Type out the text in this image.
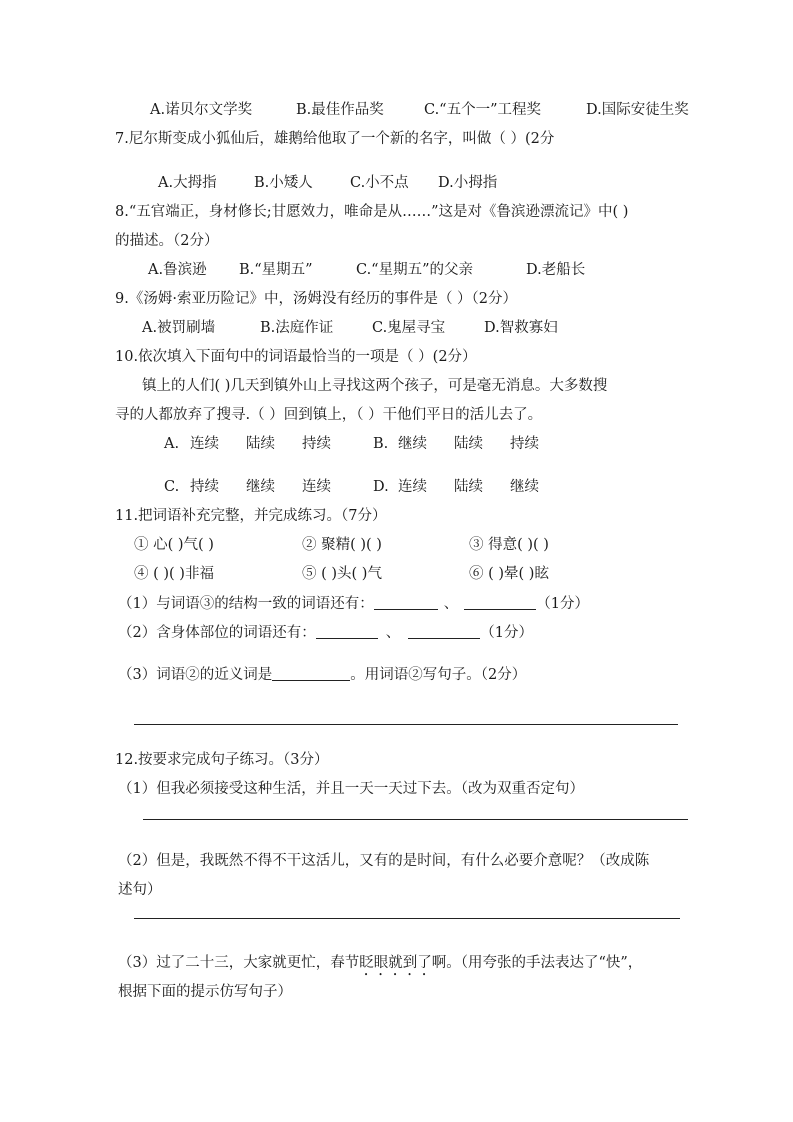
A.诺贝尔文学奖	B.最佳作品奖	C.“五个一”工程奖	D.国际安徒生奖
7.尼尔斯变成小狐仙后，雄鹅给他取了一个新的名字，叫做（ ）(2分
A.大拇指	B.小矮人	C.小不点 D.小拇指
8.“五官端正，身材修长;甘愿效力，唯命是从……”这是对《鲁滨逊漂流记》中( )
的描述。（2分）
A.鲁滨逊 B.“星期五”	C.“星期五”的父亲	D.老船长
9.《汤姆·索亚历险记》中，汤姆没有经历的事件是（ ）（2分）
A.被罚刷墙	B.法庭作证	C.鬼屋寻宝	D.智救寡妇
10.依次填入下面句中的词语最恰当的一项是（ ）(2分）
镇上的人们( )几天到镇外山上寻找这两个孩子，可是毫无消息。大多数搜
寻的人都放弃了搜寻.（ ）回到镇上，（ ）干他们平日的活儿去了。
A. 连续 陆续 持续	B. 继续 陆续 持续
C. 持续 继续 连续	D. 连续 陆续 继续
11.把词语补充完整，并完成练习。（7分）
① 心( )气( )	② 聚精( )( )	③ 得意( )( )
④ ( )( )非福	⑤ ( )头( )气	⑥ ( )晕( )眩
（1）与词语③的结构一致的词语还有：	、	（1分）
（2）含身体部位的词语还有：	、	（1分）
（3）词语②的近义词是	。用词语②写句子。（2分）
12.按要求完成句子练习。（3分）
（1）但我必须接受这种生活，并且一天一天过下去。（改为双重否定句）
（2）但是，我既然不得不干这活儿，又有的是时间，有什么必要介意呢？（改成陈
述句）
（3）过了二十三，大家就更忙，春节眨眼就到了啊。（用夸张的手法表达了“快”，
根据下面的提示仿写句子）
